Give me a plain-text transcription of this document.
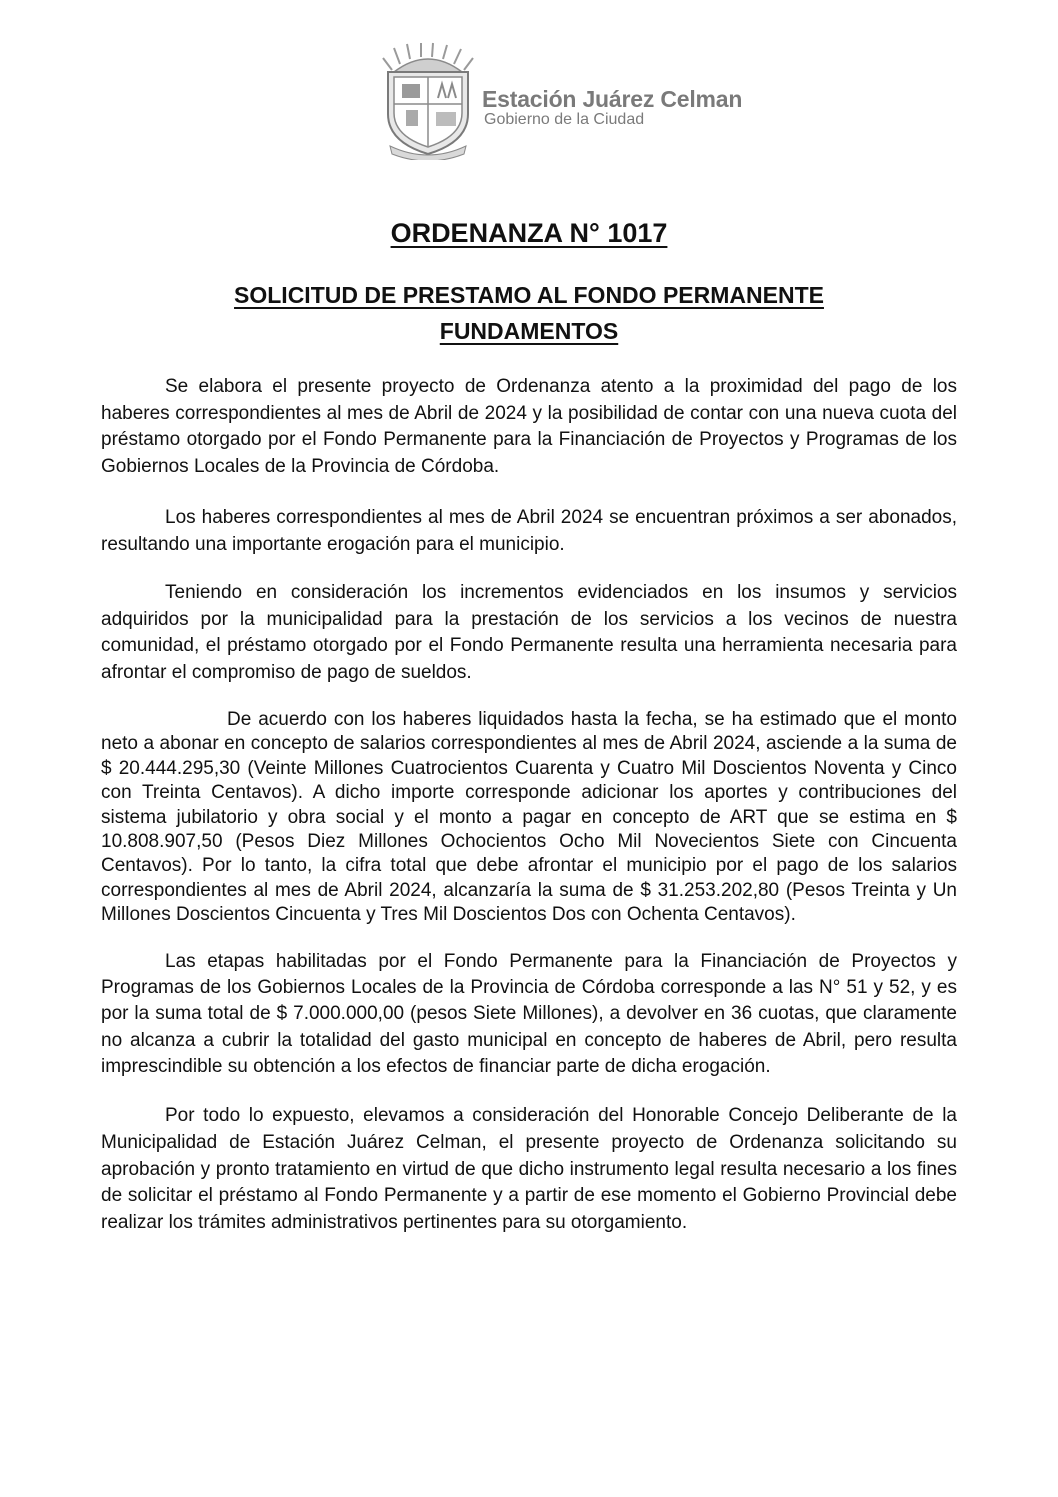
Estación Juárez Celman
Gobierno de la Ciudad
ORDENANZA N° 1017
SOLICITUD DE PRESTAMO AL FONDO PERMANENTE
FUNDAMENTOS

Se elabora el presente proyecto de Ordenanza atento a la proximidad del pago de los haberes correspondientes al mes de Abril de 2024 y la posibilidad de contar con una nueva cuota del préstamo otorgado por el Fondo Permanente para la Financiación de Proyectos y Programas de los Gobiernos Locales de la Provincia de Córdoba.

Los haberes correspondientes al mes de Abril 2024 se encuentran próximos a ser abonados, resultando una importante erogación para el municipio.

Teniendo en consideración los incrementos evidenciados en los insumos y servicios adquiridos por la municipalidad para la prestación de los servicios a los vecinos de nuestra comunidad, el préstamo otorgado por el Fondo Permanente resulta una herramienta necesaria para afrontar el compromiso de pago de sueldos.

De acuerdo con los haberes liquidados hasta la fecha, se ha estimado que el monto neto a abonar en concepto de salarios correspondientes al mes de Abril 2024, asciende a la suma de $ 20.444.295,30 (Veinte Millones Cuatrocientos Cuarenta y Cuatro Mil Doscientos Noventa y Cinco con Treinta Centavos). A dicho importe corresponde adicionar los aportes y contribuciones del sistema jubilatorio y obra social y el monto a pagar en concepto de ART que se estima en $ 10.808.907,50 (Pesos Diez Millones Ochocientos Ocho Mil Novecientos Siete con Cincuenta Centavos). Por lo tanto, la cifra total que debe afrontar el municipio por el pago de los salarios correspondientes al mes de Abril 2024, alcanzaría la suma de $ 31.253.202,80 (Pesos Treinta y Un Millones Doscientos Cincuenta y Tres Mil Doscientos Dos con Ochenta Centavos).

Las etapas habilitadas por el Fondo Permanente para la Financiación de Proyectos y Programas de los Gobiernos Locales de la Provincia de Córdoba corresponde a las N° 51 y 52, y es por la suma total de $ 7.000.000,00 (pesos Siete Millones), a devolver en 36 cuotas, que claramente no alcanza a cubrir la totalidad del gasto municipal en concepto de haberes de Abril, pero resulta imprescindible su obtención a los efectos de financiar parte de dicha erogación.

Por todo lo expuesto, elevamos a consideración del Honorable Concejo Deliberante de la Municipalidad de Estación Juárez Celman, el presente proyecto de Ordenanza solicitando su aprobación y pronto tratamiento en virtud de que dicho instrumento legal resulta necesario a los fines de solicitar el préstamo al Fondo Permanente y a partir de ese momento el Gobierno Provincial debe realizar los trámites administrativos pertinentes para su otorgamiento.
